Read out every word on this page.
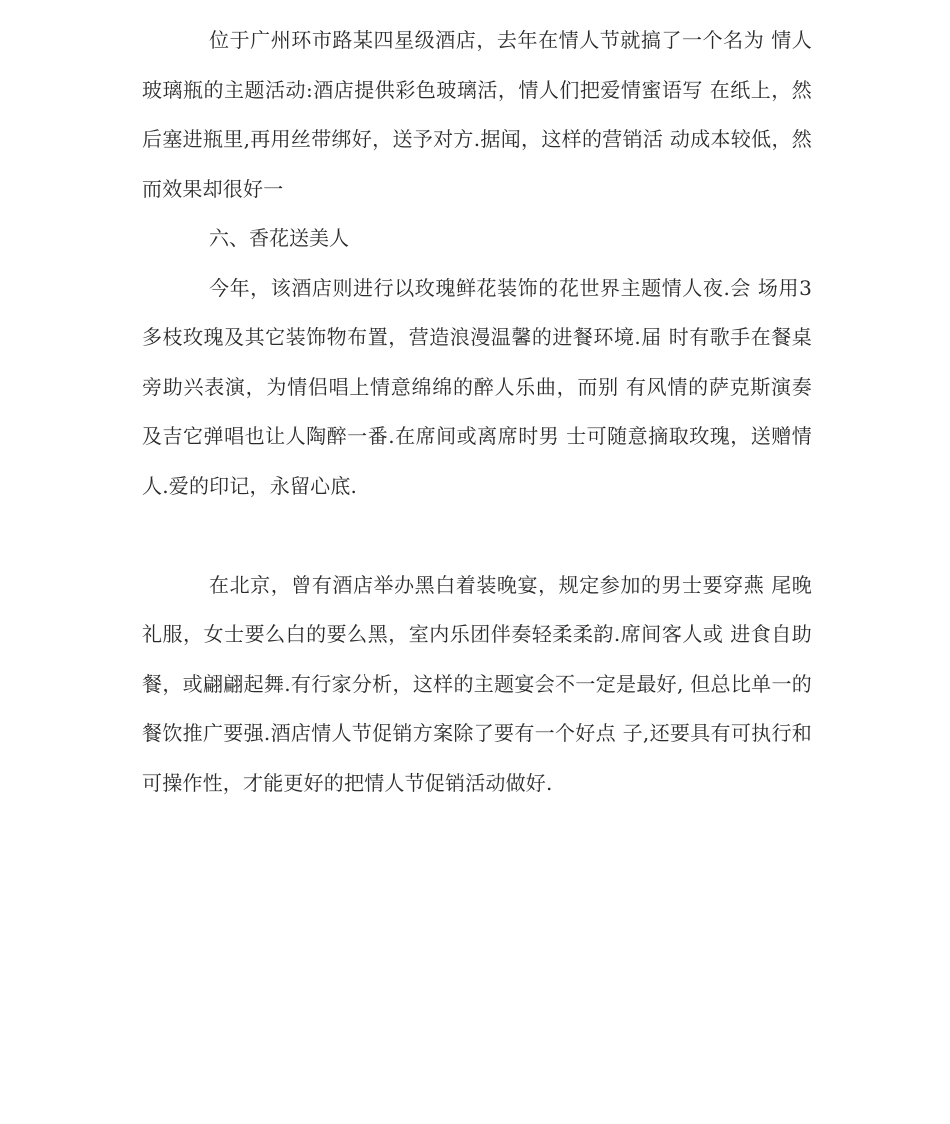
位于广州环市路某四星级酒店，去年在情人节就搞了一个名为 情人玻璃瓶的主题活动:酒店提供彩色玻璃活，情人们把爱情蜜语写 在纸上，然后塞进瓶里,再用丝带绑好，送予对方.据闻，这样的营销活 动成本较低，然而效果却很好一

六、香花送美人

今年，该酒店则进行以玫瑰鲜花装饰的花世界主题情人夜.会 场用3多枝玫瑰及其它装饰物布置，营造浪漫温馨的进餐环境.届 时有歌手在餐桌旁助兴表演，为情侣唱上情意绵绵的醉人乐曲，而别 有风情的萨克斯演奏及吉它弹唱也让人陶醉一番.在席间或离席时男 士可随意摘取玫瑰，送赠情人.爱的印记，永留心底.

在北京，曾有酒店举办黑白着装晚宴，规定参加的男士要穿燕 尾晚礼服，女士要么白的要么黑，室内乐团伴奏轻柔柔韵.席间客人或 进食自助餐，或翩翩起舞.有行家分析，这样的主题宴会不一定是最好, 但总比单一的餐饮推广要强.酒店情人节促销方案除了要有一个好点 子,还要具有可执行和可操作性，才能更好的把情人节促销活动做好.
